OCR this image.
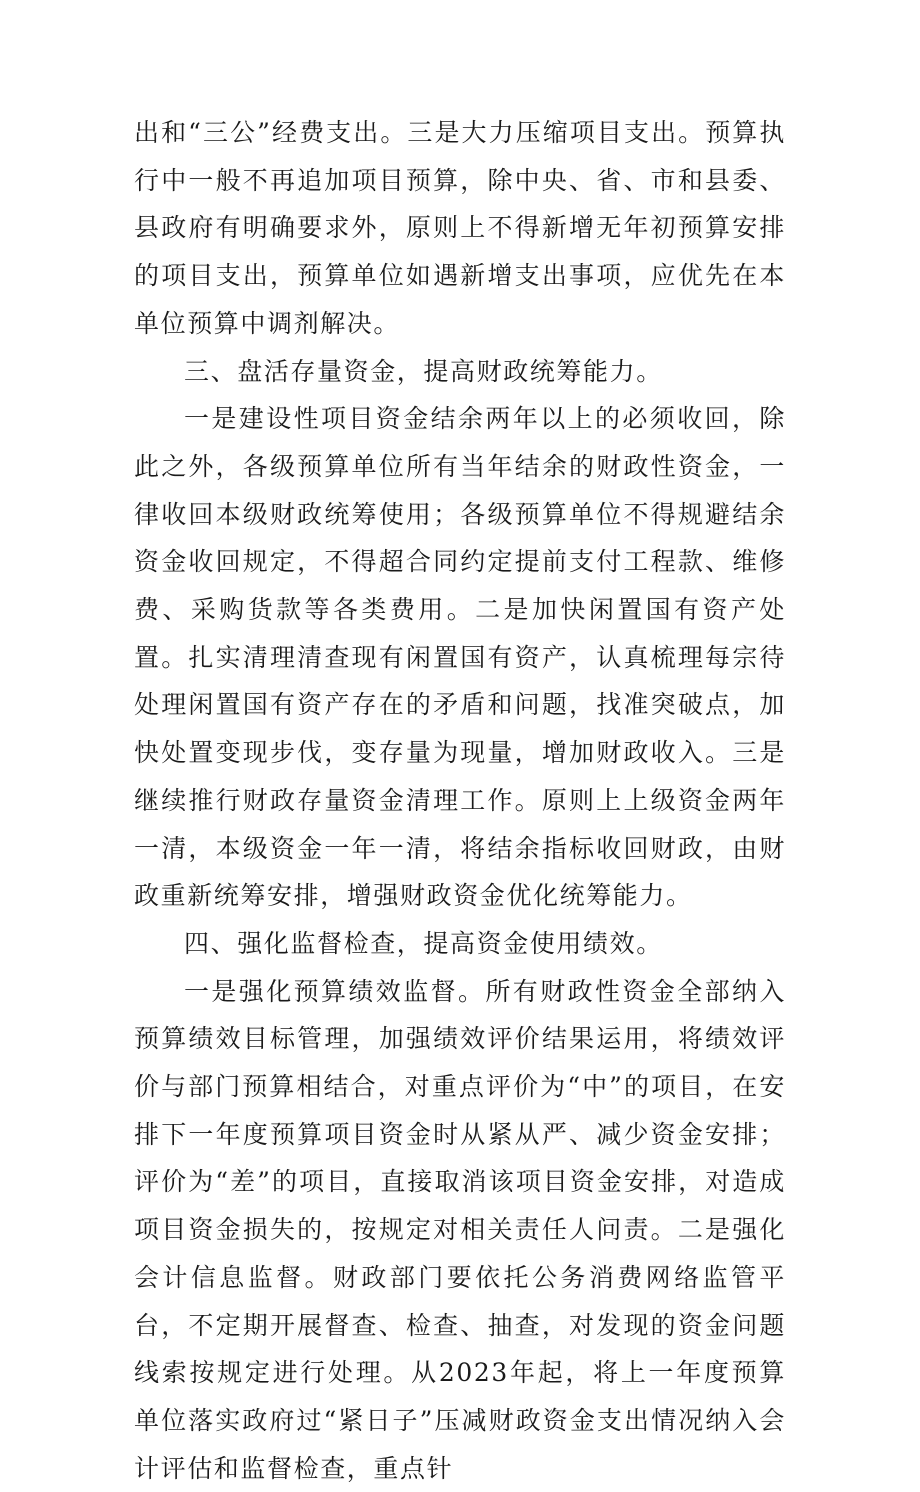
出和“三公”经费支出。三是大力压缩项目支出。预算执行中一般不再追加项目预算，除中央、省、市和县委、县政府有明确要求外，原则上不得新增无年初预算安排的项目支出，预算单位如遇新增支出事项，应优先在本单位预算中调剂解决。

三、盘活存量资金，提高财政统筹能力。

一是建设性项目资金结余两年以上的必须收回，除此之外，各级预算单位所有当年结余的财政性资金，一律收回本级财政统筹使用；各级预算单位不得规避结余资金收回规定，不得超合同约定提前支付工程款、维修费、采购货款等各类费用。二是加快闲置国有资产处置。扎实清理清查现有闲置国有资产，认真梳理每宗待处理闲置国有资产存在的矛盾和问题，找准突破点，加快处置变现步伐，变存量为现量，增加财政收入。三是继续推行财政存量资金清理工作。原则上上级资金两年一清，本级资金一年一清，将结余指标收回财政，由财政重新统筹安排，增强财政资金优化统筹能力。

四、强化监督检查，提高资金使用绩效。

一是强化预算绩效监督。所有财政性资金全部纳入预算绩效目标管理，加强绩效评价结果运用，将绩效评价与部门预算相结合，对重点评价为“中”的项目，在安排下一年度预算项目资金时从紧从严、减少资金安排；评价为“差”的项目，直接取消该项目资金安排，对造成项目资金损失的，按规定对相关责任人问责。二是强化会计信息监督。财政部门要依托公务消费网络监管平台，不定期开展督查、检查、抽查，对发现的资金问题线索按规定进行处理。从2023年起，将上一年度预算单位落实政府过“紧日子”压减财政资金支出情况纳入会计评估和监督检查，重点针
